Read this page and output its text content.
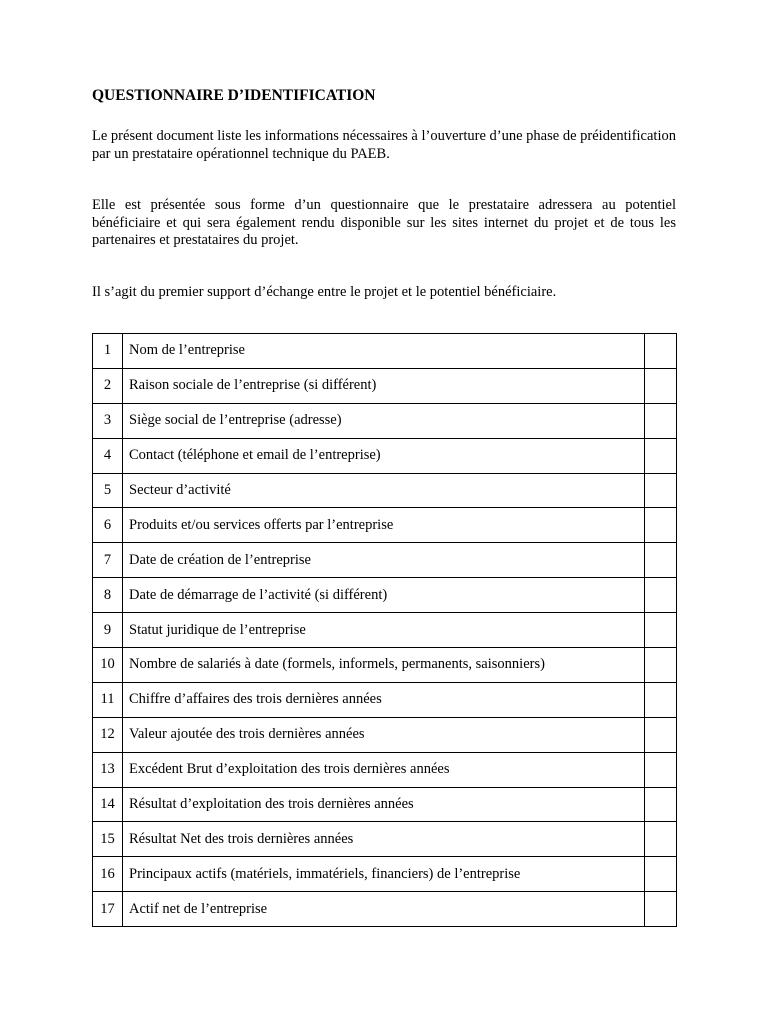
QUESTIONNAIRE D’IDENTIFICATION

Le présent document liste les informations nécessaires à l’ouverture d’une phase de préidentification par un prestataire opérationnel technique du PAEB.

Elle est présentée sous forme d’un questionnaire que le prestataire adressera au potentiel bénéficiaire et qui sera également rendu disponible sur les sites internet du projet et de tous les partenaires et prestataires du projet.

Il s’agit du premier support d’échange entre le projet et le potentiel bénéficiaire.

1	Nom de l’entreprise	
2	Raison sociale de l’entreprise (si différent)	
3	Siège social de l’entreprise (adresse)	
4	Contact (téléphone et email de l’entreprise)	
5	Secteur d’activité	
6	Produits et/ou services offerts par l’entreprise	
7	Date de création de l’entreprise	
8	Date de démarrage de l’activité (si différent)	
9	Statut juridique de l’entreprise	
10	Nombre de salariés à date (formels, informels, permanents, saisonniers)	
11	Chiffre d’affaires des trois dernières années	
12	Valeur ajoutée des trois dernières années	
13	Excédent Brut d’exploitation des trois dernières années	
14	Résultat d’exploitation des trois dernières années	
15	Résultat Net des trois dernières années	
16	Principaux actifs (matériels, immatériels, financiers) de l’entreprise	
17	Actif net de l’entreprise	
